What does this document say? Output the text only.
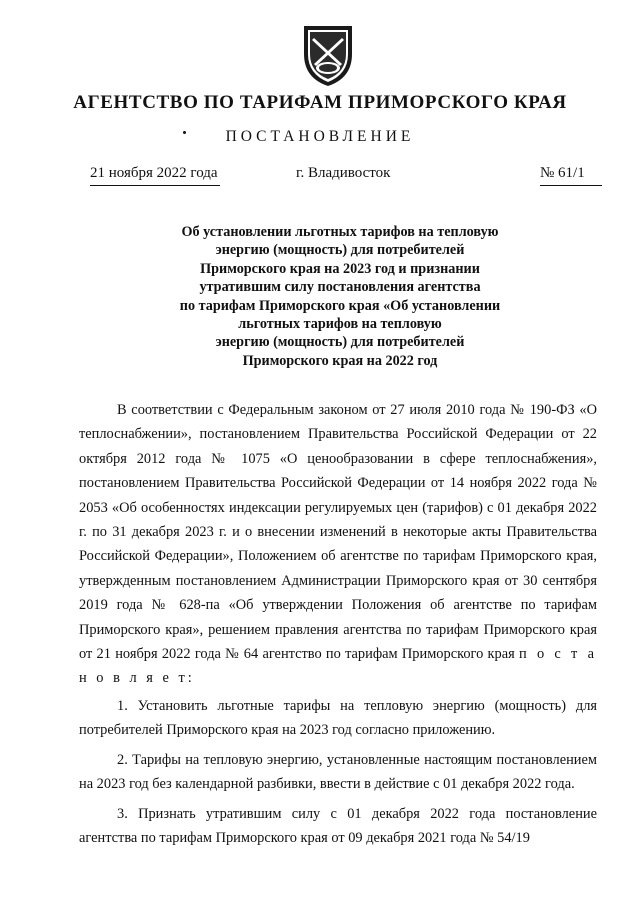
АГЕНТСТВО ПО ТАРИФАМ ПРИМОРСКОГО КРАЯ
ПОСТАНОВЛЕНИЕ
21 ноября 2022 года	г. Владивосток	№ 61/1
Об установлении льготных тарифов на тепловую
энергию (мощность) для потребителей
Приморского края на 2023 год и признании
утратившим силу постановления агентства
по тарифам Приморского края «Об установлении
льготных тарифов на тепловую
энергию (мощность) для потребителей
Приморского края на 2022 год

В соответствии с Федеральным законом от 27 июля 2010 года № 190-ФЗ «О теплоснабжении», постановлением Правительства Российской Федерации от 22 октября 2012 года № 1075 «О ценообразовании в сфере теплоснабжения», постановлением Правительства Российской Федерации от 14 ноября 2022 года № 2053 «Об особенностях индексации регулируемых цен (тарифов) с 01 декабря 2022 г. по 31 декабря 2023 г. и о внесении изменений в некоторые акты Правительства Российской Федерации», Положением об агентстве по тарифам Приморского края, утвержденным постановлением Администрации Приморского края от 30 сентября 2019 года № 628-па «Об утверждении Положения об агентстве по тарифам Приморского края», решением правления агентства по тарифам Приморского края от 21 ноября 2022 года № 64 агентство по тарифам Приморского края п о с т а н о в л я е т:

1. Установить льготные тарифы на тепловую энергию (мощность) для потребителей Приморского края на 2023 год согласно приложению.

2. Тарифы на тепловую энергию, установленные настоящим постановлением на 2023 год без календарной разбивки, ввести в действие с 01 декабря 2022 года.

3. Признать утратившим силу с 01 декабря 2022 года постановление агентства по тарифам Приморского края от 09 декабря 2021 года № 54/19
